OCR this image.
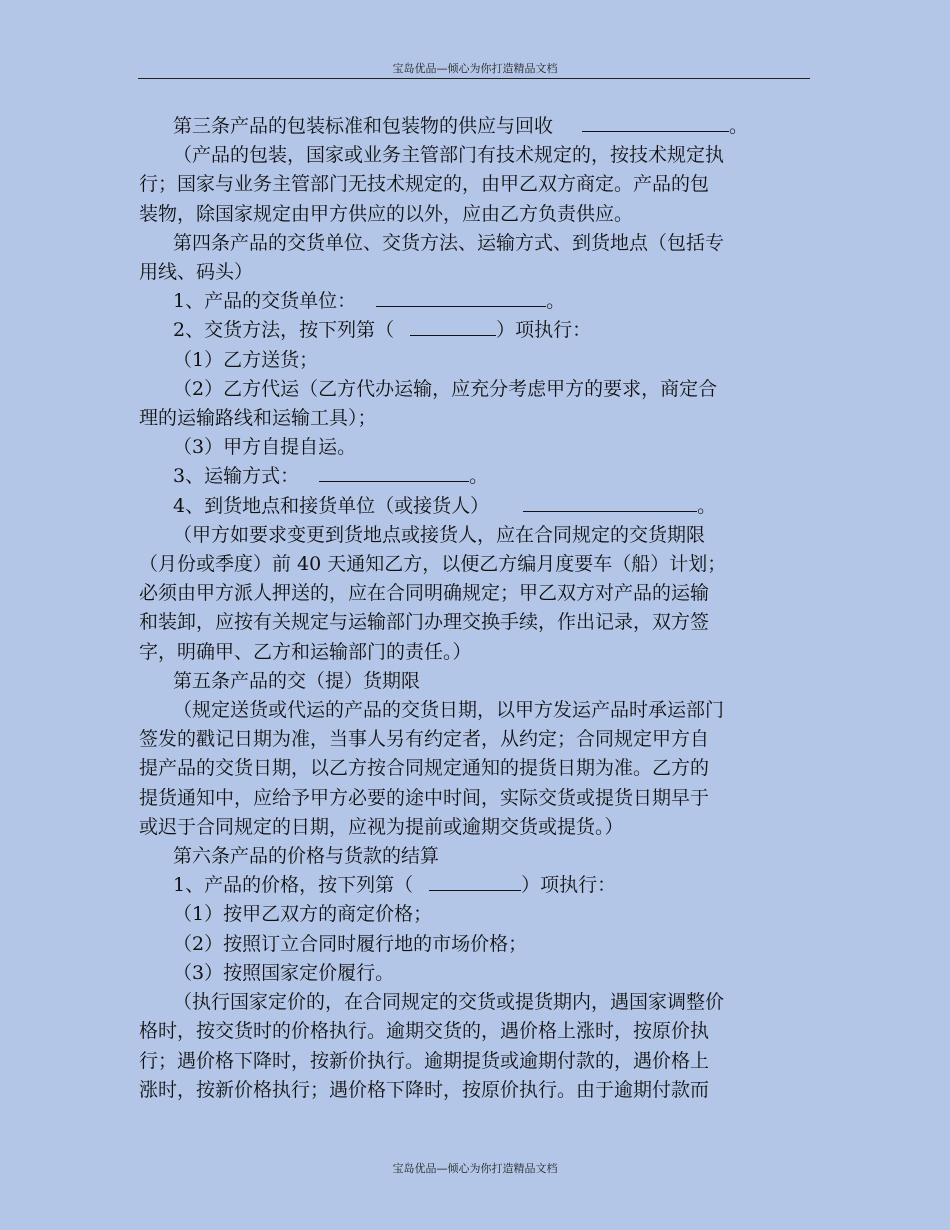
宝岛优品—倾心为你打造精品文档

第三条产品的包装标准和包装物的供应与回收	。

（产品的包装，国家或业务主管部门有技术规定的，按技术规定执

行；国家与业务主管部门无技术规定的，由甲乙双方商定。产品的包

装物，除国家规定由甲方供应的以外，应由乙方负责供应。

第四条产品的交货单位、交货方法、运输方式、到货地点（包括专

用线、码头）

1、产品的交货单位：	。

2、交货方法，按下列第（	）项执行：

（1）乙方送货；

（2）乙方代运（乙方代办运输，应充分考虑甲方的要求，商定合

理的运输路线和运输工具）；

（3）甲方自提自运。

3、运输方式：	。

4、到货地点和接货单位（或接货人）	。

（甲方如要求变更到货地点或接货人，应在合同规定的交货期限

（月份或季度）前 40 天通知乙方，以便乙方编月度要车（船）计划；

必须由甲方派人押送的，应在合同明确规定；甲乙双方对产品的运输

和装卸，应按有关规定与运输部门办理交换手续，作出记录，双方签

字，明确甲、乙方和运输部门的责任。）

第五条产品的交（提）货期限

（规定送货或代运的产品的交货日期，以甲方发运产品时承运部门

签发的戳记日期为准，当事人另有约定者，从约定；合同规定甲方自

提产品的交货日期，以乙方按合同规定通知的提货日期为准。乙方的

提货通知中，应给予甲方必要的途中时间，实际交货或提货日期早于

或迟于合同规定的日期，应视为提前或逾期交货或提货。）

第六条产品的价格与货款的结算

1、产品的价格，按下列第（	）项执行：

（1）按甲乙双方的商定价格；

（2）按照订立合同时履行地的市场价格；

（3）按照国家定价履行。

（执行国家定价的，在合同规定的交货或提货期内，遇国家调整价

格时，按交货时的价格执行。逾期交货的，遇价格上涨时，按原价执

行；遇价格下降时，按新价执行。逾期提货或逾期付款的，遇价格上

涨时，按新价格执行；遇价格下降时，按原价执行。由于逾期付款而

宝岛优品—倾心为你打造精品文档
